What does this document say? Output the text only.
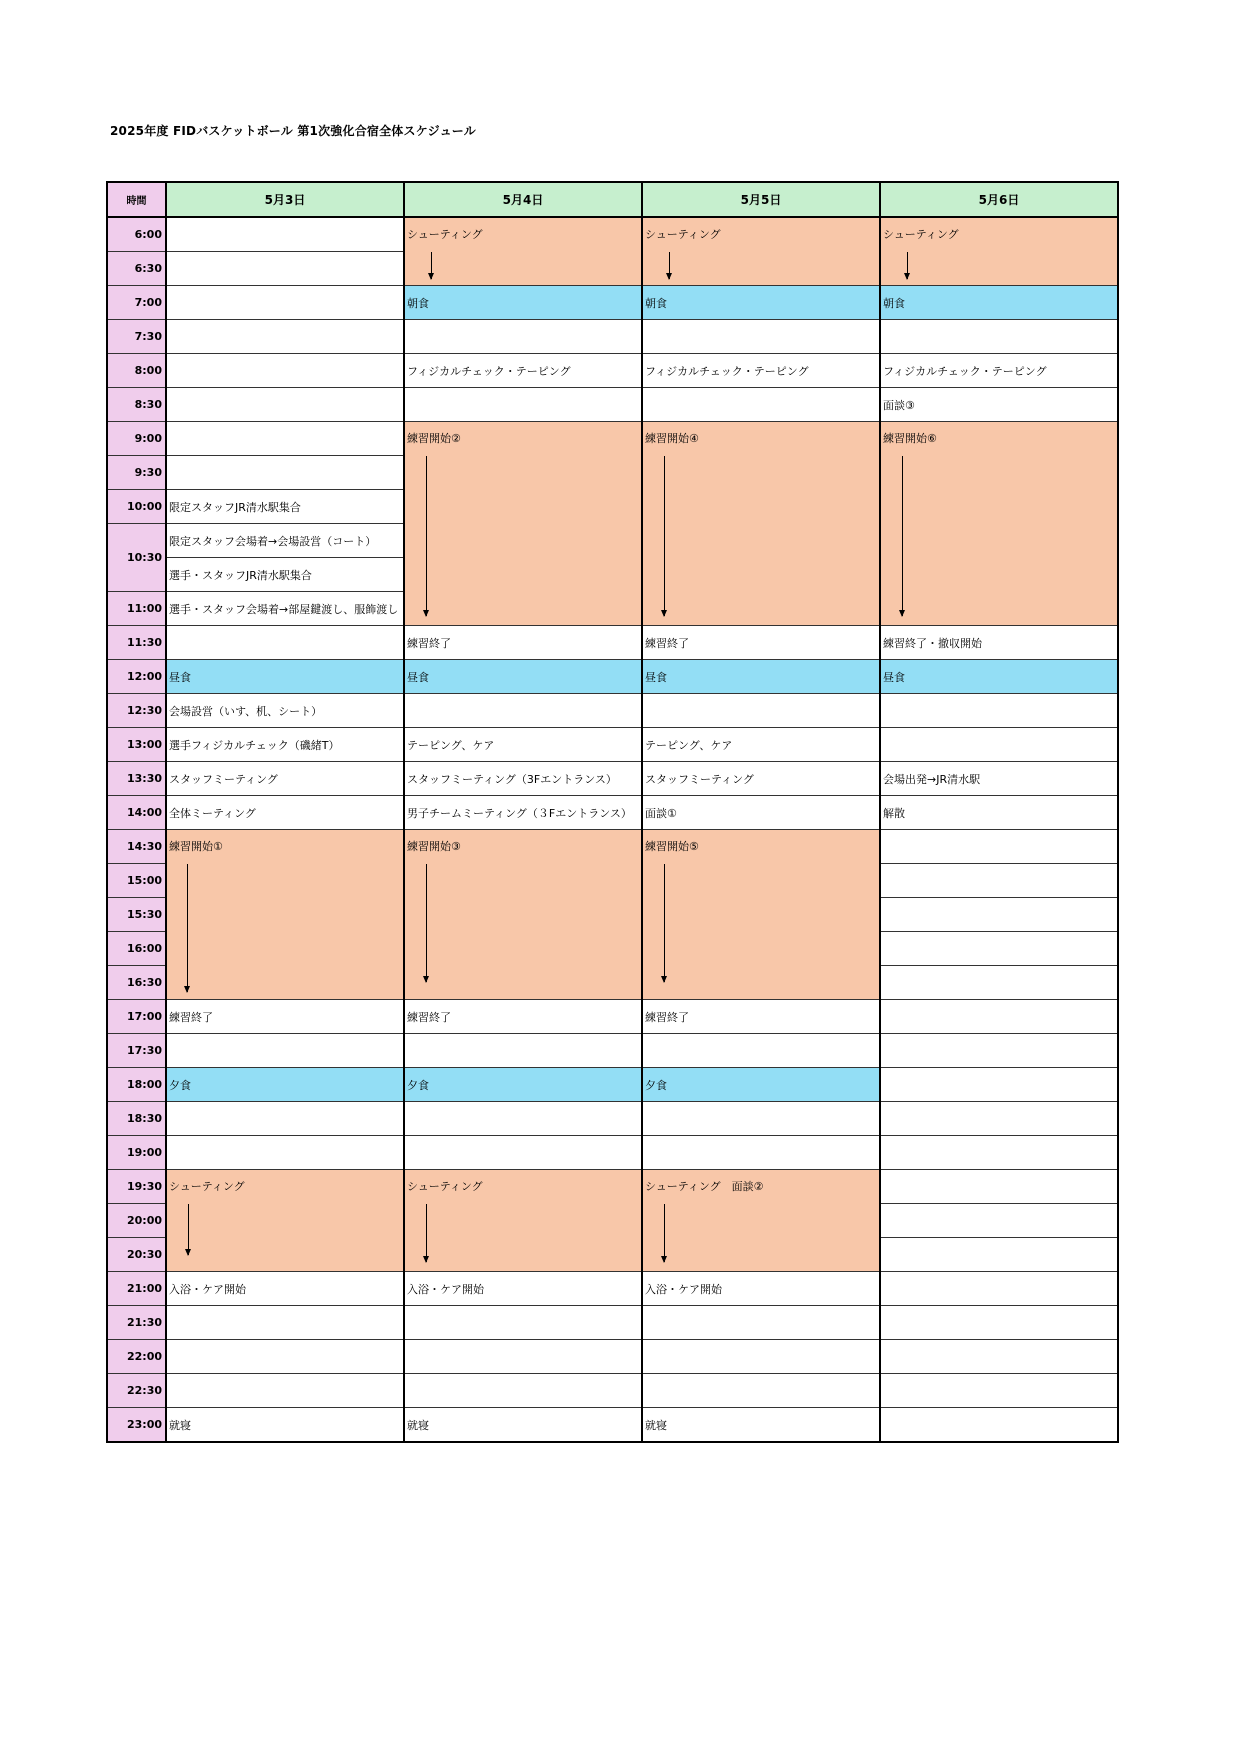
2025年度 FIDバスケットボール 第1次強化合宿全体スケジュール
時間	5月3日	5月4日	5月5日	5月6日
6:00		シューティング	シューティング	シューティング

6:30				
7:00		朝食	朝食	朝食
7:30				
8:00		フィジカルチェック・テーピング	フィジカルチェック・テーピング	フィジカルチェック・テーピング
8:30				面談③
9:00		練習開始②	練習開始④	練習開始⑥

9:30				
10:00	限定スタッフJR清水駅集合			
10:30	限定スタッフ会場着→会場設営（コート）			
	選手・スタッフJR清水駅集合			
11:00	選手・スタッフ会場着→部屋鍵渡し、服飾渡し			
11:30		練習終了	練習終了	練習終了・撤収開始
12:00	昼食	昼食	昼食	昼食
12:30	会場設営（いす、机、シート）			
13:00	選手フィジカルチェック（磯緒T）	テーピング、ケア	テーピング、ケア	
13:30	スタッフミーティング	スタッフミーティング（3Fエントランス）	スタッフミーティング	会場出発→JR清水駅
14:00	全体ミーティング	男子チームミーティング（３Fエントランス）	面談①	解散
14:30	練習開始①	練習開始③	練習開始⑤

15:00				
15:30				
16:00				
16:30				
17:00	練習終了	練習終了	練習終了	
17:30				
18:00	夕食	夕食	夕食	
18:30				
19:00				
19:30	シューティング	シューティング	シューティング　面談②

20:00				
20:30				
21:00	入浴・ケア開始	入浴・ケア開始	入浴・ケア開始	
21:30				
22:00				
22:30				
23:00	就寝	就寝	就寝	
